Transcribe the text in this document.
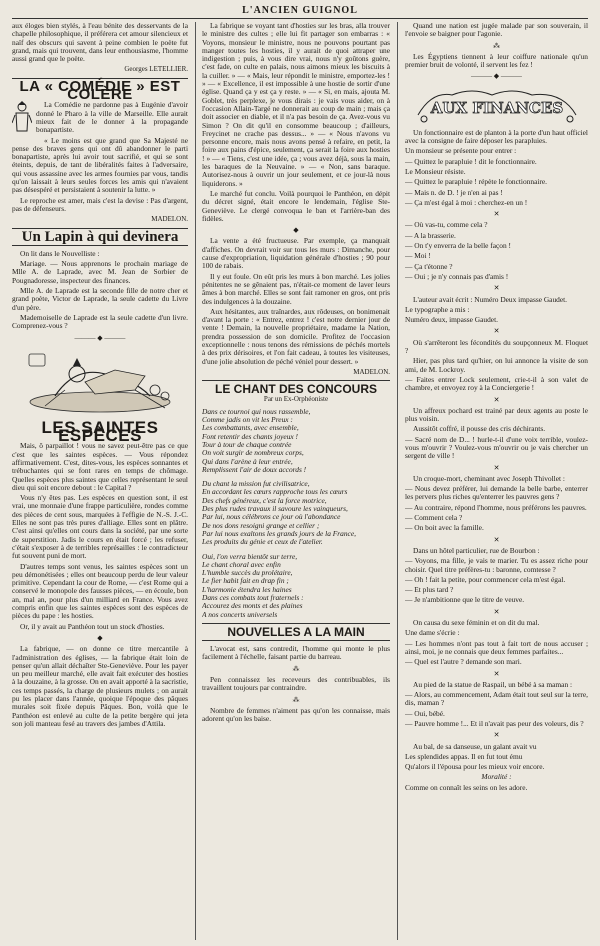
L'ANCIEN GUIGNOL

aux éloges bien stylés, à l'eau bénite des desservants de la chapelle philosophique, il préférera cet amour silencieux et naïf des obscurs qui savent à peine combien le poète fut grand, mais qui trouvent, dans leur enthousiasme, l'homme aussi grand que le poète.

Georges LETELLIER.
LA « COMÉDIE » EST COLÈRE

La Comédie ne pardonne pas à Eugénie d'avoir donné le Pharo à la ville de Marseille. Elle aurait mieux fait de le donner à la propagande bonapartiste.

« Le moins est que grand que Sa Majesté ne pense des braves gens qui ont dû abandonner le parti bonapartiste, après lui avoir tout sacrifié, et qui se sont éteints, depuis, de tant de libéralités faites à l'adversaire, qui vous assassine avec les armes fournies par vous, tandis qu'on laissait à leurs seules forces les amis qui n'avaient pas désespéré et persistaient à soutenir la lutte. »

Le reproche est amer, mais c'est la devise : Pas d'argent, pas de défenseurs.

MADELON.
Un Lapin à qui devinera

On lit dans le Nouvelliste :

Mariage. — Nous apprenons le prochain mariage de Mlle A. de Laprade, avec M. Jean de Sorbier de Pougnadoresse, inspecteur des finances.

Mlle A. de Laprade est la seconde fille de notre cher et grand poète, Victor de Laprade, la seule cadette du Livre d'un père.

Mademoiselle de Laprade est la seule cadette d'un livre. Comprenez-vous ?

——— ◆ ———
LES SAINTES ESPÈCES

Mais, ô parpaillot ! vous ne savez peut-être pas ce que c'est que les saintes espèces. — Vous répondez affirmativement. C'est, dites-vous, les espèces sonnantes et trébuchantes qui se font rares en temps de chômage. Quelles espèces plus saintes que celles représentant le seul dieu qui soit encore debout : le Capital ?

Vous n'y êtes pas. Les espèces en question sont, il est vrai, une monnaie d'une frappe particulière, rondes comme des pièces de cent sous, marquées à l'effigie de N.-S. J.-C. Elles ne sont pas très pures d'alliage. Elles sont en plâtre. C'est ainsi qu'elles ont cours dans la société, par une sorte de superstition. Jadis le cours en était forcé ; les refuser, c'était s'exposer à de terribles représailles : le contradicteur fut souvent puni de mort.

D'autres temps sont venus, les saintes espèces sont un peu démonétisées ; elles ont beaucoup perdu de leur valeur primitive. Cependant la cour de Rome, — c'est Rome qui a conservé le monopole des fausses pièces, — en écoule, bon an, mal an, pour plus d'un milliard en France. Vous avez compris enfin que les saintes espèces sont des espèces de pièces du pape : les hosties.

Or, il y avait au Panthéon tout un stock d'hosties.

◆

La fabrique, — on donne ce titre mercantile à l'administration des églises, — la fabrique était loin de penser qu'un allait déchaîter Ste-Geneviève. Pour les payer un peu meilleur marché, elle avait fait exécuter des hosties à la douzaine, à la grosse. On en avait apporté à la sacristie, ces temps passés, la charge de plusieurs mulets ; on aurait pu les placer dans l'année, quoique l'époque des pâques murales soit fixée depuis Pâques. Bon, voilà que le Panthéon est enlevé au culte de la petite bergère qui jeta son joli manteau fesé au travers des jambes d'Attila.

La fabrique se voyant tant d'hosties sur les bras, alla trouver le ministre des cultes ; elle lui fit partager son embarras : « Voyons, monsieur le ministre, nous ne pouvons pourtant pas manger toutes les hosties, il y aurait de quoi attraper une indigestion ; puis, à vous dire vrai, nous n'y goûtons guère, c'est fade, on culte en palais, nous aimons mieux les biscuits à la cuiller. » — « Mais, leur répondit le ministre, emportez-les ! » — « Excellence, il est impossible à une hostie de sortir d'une église. Quand ça y est ça y reste. » — « Si, en mais, ajouta M. Goblet, très perplexe, je vous dirais : je vais vous aider, on à l'occasion Allain-Targé ne donnerait au coup de main ; mais ça doit associer en diable, et il n'a pas besoin de ça. Avez-vous vu Simon ? On dit qu'il en consomme beaucoup ; d'ailleurs, Freycinet ne crache pas dessus... » — « Nous n'avons vu personne encore, mais nous avons pensé à refaire, en petit, la foire aux pains d'épice, seulement, ça serait la foire aux hosties ! » — « Tiens, c'est une idée, ça ; vous avez déjà, sous la main, les baraques de la Neuvaine. » — « Non, sans baraque. Autorisez-nous à ouvrir un jour seulement, et ce jour-là nous liquiderons. »

Le marché fut conclu. Voilà pourquoi le Panthéon, en dépit du décret signé, était encore le lendemain, l'église Ste-Geneviève. Le clergé convoqua le ban et l'arrière-ban des fidèles.

◆

La vente a été fructueuse. Par exemple, ça manquait d'affiches. On devrait voir sur tous les murs : Dimanche, pour cause d'expropriation, liquidation générale d'hosties ; 90 pour 100 de rabais.

Il y eut foule. On eût pris les murs à bon marché. Les jolies pénitentes ne se gênaient pas, n'était-ce moment de laver leurs âmes à bon marché. Elles se sont fait ramoner en gros, ont pris des indulgences à la douzaine.

Aux hésitantes, aux traînardes, aux rôdeuses, on bonimenait d'avant la porte : « Entrez, entrez ! c'est notre dernier jour de vente ! Demain, la nouvelle propriétaire, madame la Nation, prendra possession de son domicile. Profitez de l'occasion exceptionnelle : nous tenons des rémissions de péchés mortels à des prix dérisoires, et l'on fait cadeau, à toutes les visiteuses, d'une jolie absolution de péché véniel pour dessert. »

MADELON.
LE CHANT DES CONCOURS
Par un Ex-Orphéoniste

Dans ce tournoi qui nous rassemble,

Comme jadis on vit les Preux :

Les combattants, avec ensemble,

Font retentir des chants joyeux !

Tour à tour de chaque contrée

On voit surgir de nombreux corps,

Qui dans l'arène à leur entrée,

Remplissent l'air de doux accords !

Du chant la mission fut civilisatrice,

En accordant les cœurs rapproche tous les cœurs

Des chefs généreux, c'est la force motrice,

Des plus rudes travaux il savoure les vainqueurs,

Par lui, nous célébrons ce jour où l'abondance

De nos dons resoigni grange et cellier ;

Par lui nous exaltons les grands jours de la France,

Les produits du génie et ceux de l'atelier.

Oui, l'on verra bientôt sur terre,

Le chant choral avec enfin

L'humble succès du prolétaire,

Le fier habit fait en drap fin ;

L'harmonie étendra les haines

Dans ces combats tout fraternels :

Accourez des monts et des plaines

A nos concerts universels

NOUVELLES A LA MAIN

L'avocat est, sans contredit, l'homme qui monte le plus facilement à l'échelle, faisant partie du barreau.

⁂

Pen connaissez les receveurs des contribuables, ils travaillent toujours par contraindre.

⁂

Nombre de femmes n'aiment pas qu'on les connaisse, mais adorent qu'on les baise.

Quand une nation est jugée malade par son souverain, il l'envoie se baigner pour l'agonie.

⁂

Les Égyptiens tiennent à leur coiffure nationale qu'un premier bruit de volonté, il servent les fez !

——— ◆ ———
AUX FINANCES

Un fonctionnaire est de planton à la porte d'un haut officiel avec la consigne de faire déposer les parapluies.

Un monsieur se présente pour entrer :

— Quittez le parapluie ! dit le fonctionnaire.

Le Monsieur résiste.

— Quittez le parapluie ! répète le fonctionnaire.

— Mais n. de D. ! je n'en ai pas !

— Ça m'est égal à moi : cherchez-en un !

✕

— Où vas-tu, comme cela ?

— A la brasserie.

— On t'y enverra de la belle façon !

— Moi !

— Ça t'étonne ?

— Oui ; je n'y connais pas d'amis !

✕

L'auteur avait écrit : Numéro Deux impasse Gaudet.

Le typographe a mis :

Numéro deux, impasse Gaudet.

✕

Où s'arrêteront les fécondités du soupçonneux M. Floquet ?

Hier, pas plus tard qu'hier, on lui annonce la visite de son ami, de M. Lockroy.

— Faites entrer Lock seulement, crie-t-il à son valet de chambre, et envoyez roy à la Conciergerie !

✕

Un affreux pochard est trainé par deux agents au poste le plus voisin.

Aussitôt coffré, il pousse des cris déchirants.

— Sacré nom de D... ! hurle-t-il d'une voix terrible, voulez-vous m'ouvrir ? Voulez-vous m'ouvrir ou je vais chercher un sergent de ville !

✕

Un croque-mort, cheminant avec Joseph Thivollet :

— Nous devez préférer, lui demande la belle barbe, enterrer les pervers plus riches qu'enterrer les pauvres gens ?

— Au contraire, répond l'homme, nous préférons les pauvres.

— Comment cela ?

— On boit avec la famille.

✕

Dans un hôtel particulier, rue de Bourbon :

— Voyons, ma fille, je vais te marier. Tu es assez riche pour choisir. Quel titre préfères-tu : baronne, comtesse ?

— Oh ! fait la petite, pour commencer cela m'est égal.

— Et plus tard ?

— Je n'ambitionne que le titre de veuve.

✕

On causa du sexe féminin et on dit du mal.

Une dame s'écrie :

— Les hommes n'ont pas tout à fait tort de nous accuser ; ainsi, moi, je ne connais que deux femmes parfaites...

— Quel est l'autre ? demande son mari.

✕

Au pied de la statue de Raspail, un bébé à sa maman :

— Alors, au commencement, Adam était tout seul sur la terre, dis, maman ?

— Oui, bébé.

— Pauvre homme !... Et il n'avait pas peur des voleurs, dis ?

✕

Au bal, de sa danseuse, un galant avait vu

Les splendides appas. Il en fut tout ému

Qu'alors il l'épousa pour les mieux voir encore.

Moralité :

Comme on connaît les seins on les adore.
